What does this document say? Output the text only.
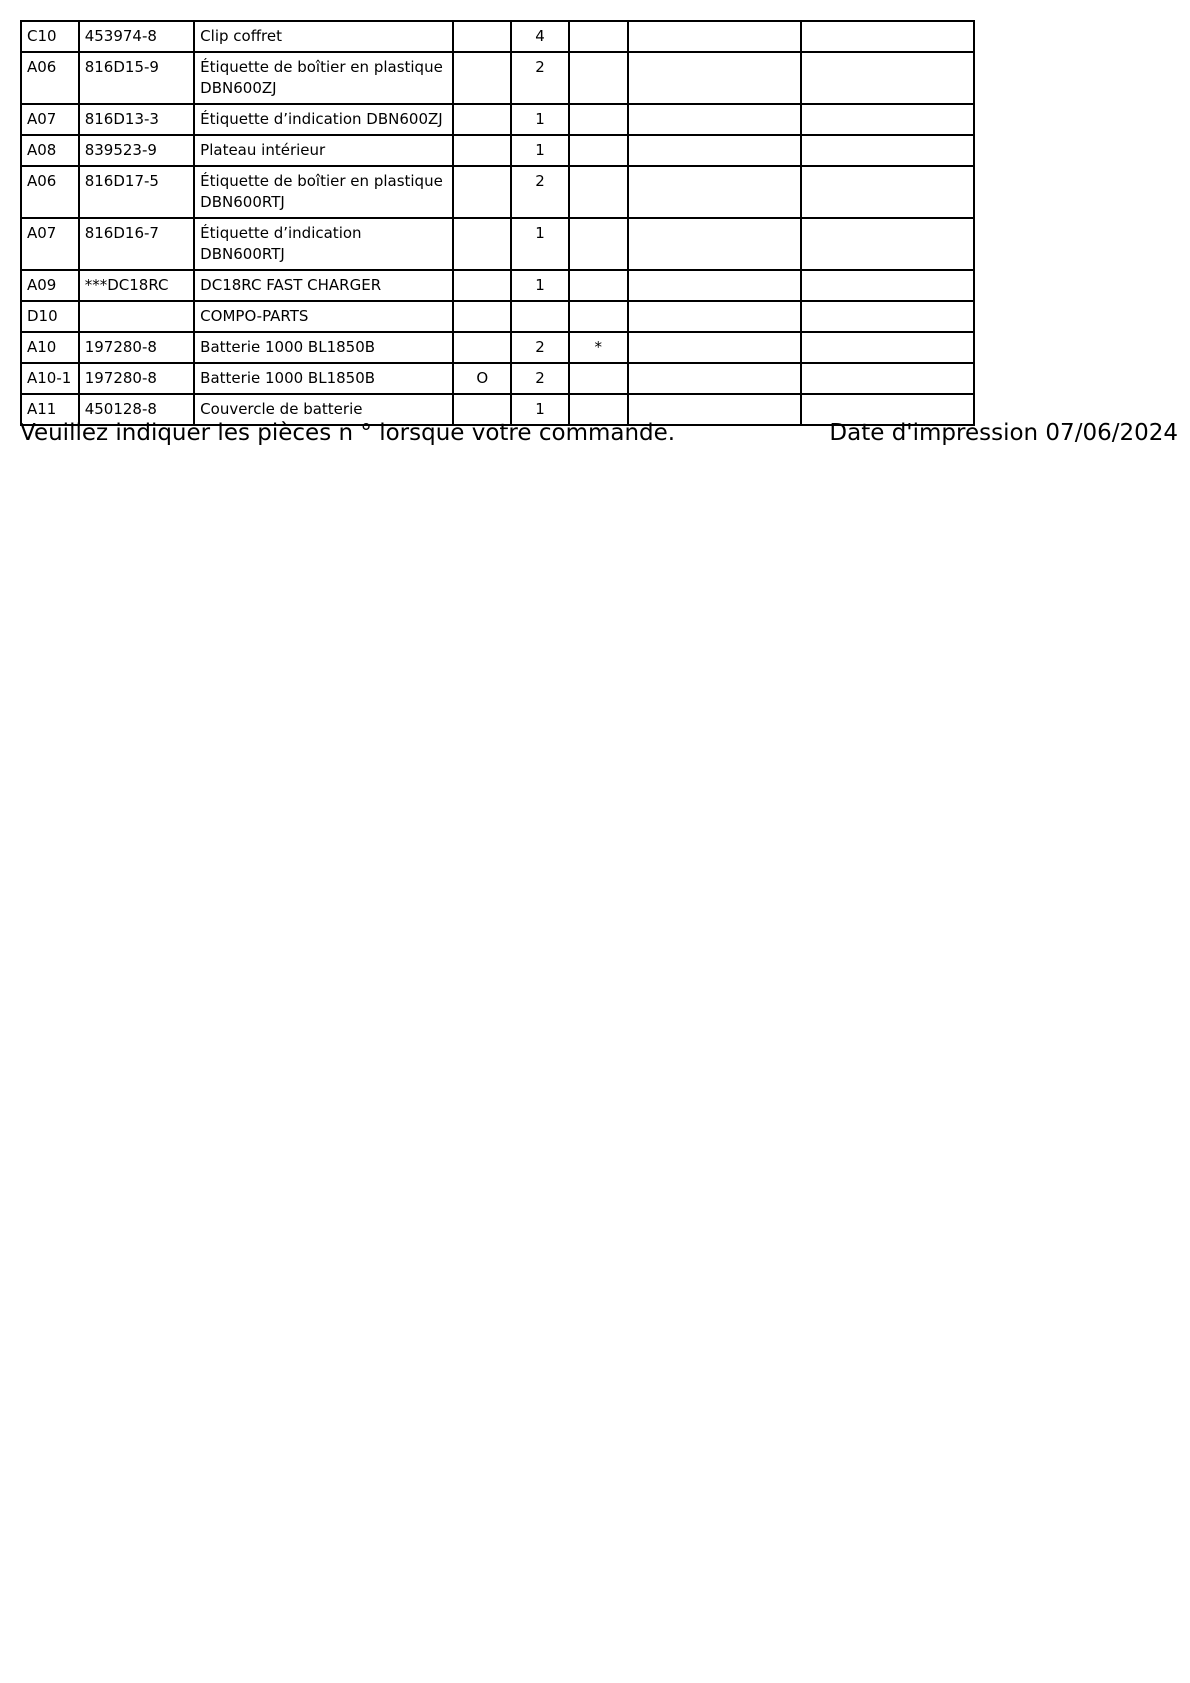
C10	453974-8	Clip coffret		4			
A06	816D15-9	Étiquette de boîtier en plastique DBN600ZJ		2			
A07	816D13-3	Étiquette d’indication DBN600ZJ		1			
A08	839523-9	Plateau intérieur		1			
A06	816D17-5	Étiquette de boîtier en plastique DBN600RTJ		2			
A07	816D16-7	Étiquette d’indication DBN600RTJ		1			
A09	***DC18RC	DC18RC FAST CHARGER		1			
D10		COMPO-PARTS					
A10	197280-8	Batterie 1000 BL1850B		2	*		
A10-1	197280-8	Batterie 1000 BL1850B	O	2			
A11	450128-8	Couvercle de batterie		1			
Veuillez indiquer les pièces n ° lorsque votre commande.	Date d'impression 07/06/2024
